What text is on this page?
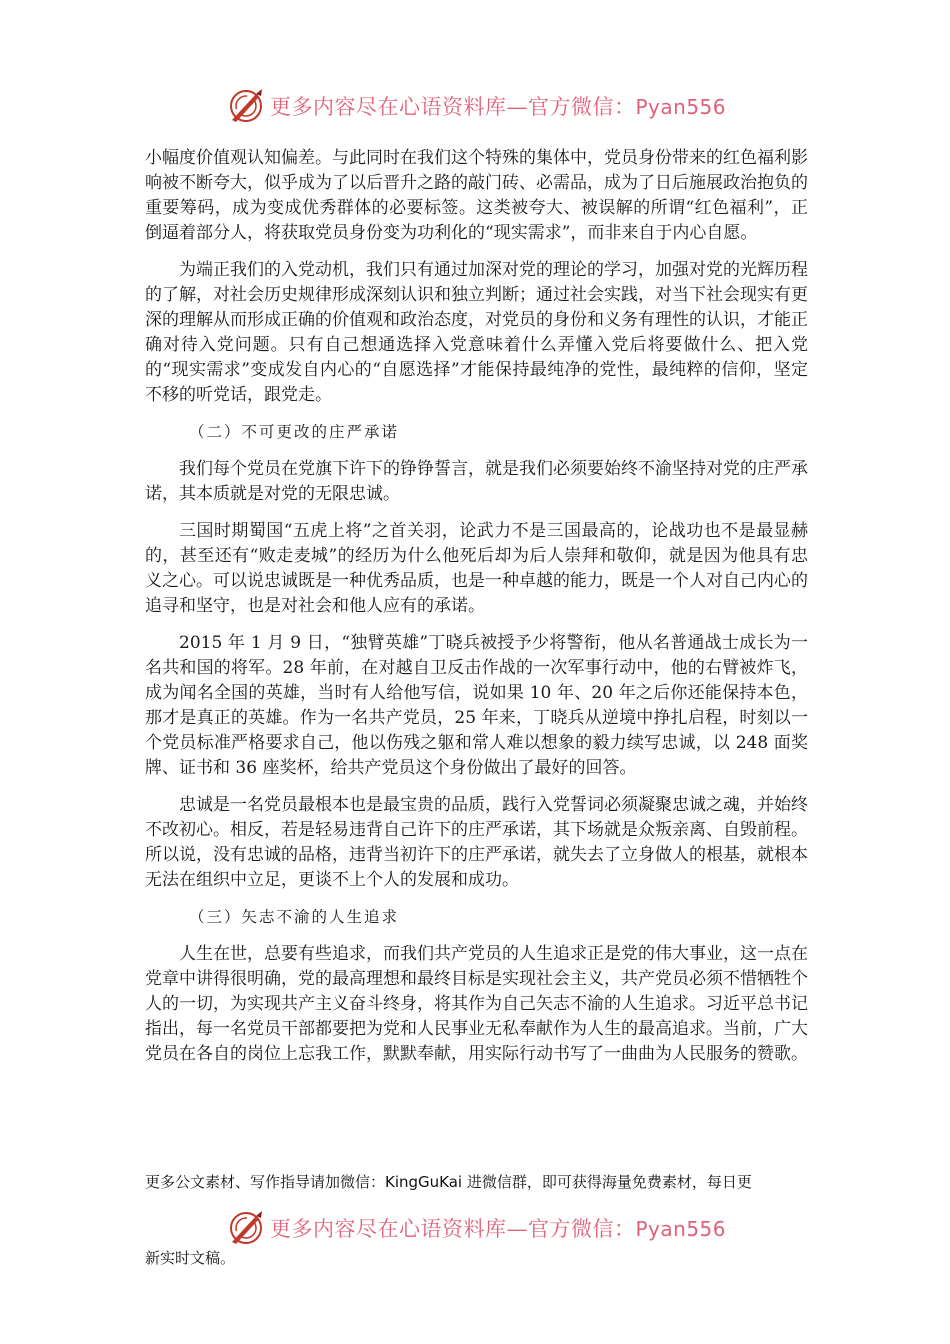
更多内容尽在心语资料库—官方微信：Pyan556

小幅度价值观认知偏差。与此同时在我们这个特殊的集体中，党员身份带来的红色福利影响被不断夸大，似乎成为了以后晋升之路的敲门砖、必需品，成为了日后施展政治抱负的重要筹码，成为变成优秀群体的必要标签。这类被夸大、被误解的所谓“红色福利”，正倒逼着部分人，将获取党员身份变为功利化的“现实需求”，而非来自于内心自愿。

为端正我们的入党动机，我们只有通过加深对党的理论的学习，加强对党的光辉历程的了解，对社会历史规律形成深刻认识和独立判断；通过社会实践，对当下社会现实有更深的理解从而形成正确的价值观和政治态度，对党员的身份和义务有理性的认识，才能正确对待入党问题。只有自己想通选择入党意味着什么弄懂入党后将要做什么、把入党的“现实需求”变成发自内心的“自愿选择”才能保持最纯净的党性，最纯粹的信仰，坚定不移的听党话，跟党走。

（二）不可更改的庄严承诺

我们每个党员在党旗下许下的铮铮誓言，就是我们必须要始终不渝坚持对党的庄严承诺，其本质就是对党的无限忠诚。

三国时期蜀国“五虎上将”之首关羽，论武力不是三国最高的，论战功也不是最显赫的，甚至还有“败走麦城”的经历为什么他死后却为后人崇拜和敬仰，就是因为他具有忠义之心。可以说忠诚既是一种优秀品质，也是一种卓越的能力，既是一个人对自己内心的追寻和坚守，也是对社会和他人应有的承诺。

2015 年 1 月 9 日，“独臂英雄”丁晓兵被授予少将警衔，他从名普通战士成长为一名共和国的将军。28 年前，在对越自卫反击作战的一次军事行动中，他的右臂被炸飞，成为闻名全国的英雄，当时有人给他写信，说如果 10 年、20 年之后你还能保持本色，那才是真正的英雄。作为一名共产党员，25 年来，丁晓兵从逆境中挣扎启程，时刻以一个党员标准严格要求自己，他以伤残之躯和常人难以想象的毅力续写忠诚，以 248 面奖牌、证书和 36 座奖杯，给共产党员这个身份做出了最好的回答。

忠诚是一名党员最根本也是最宝贵的品质，践行入党誓词必须凝聚忠诚之魂，并始终不改初心。相反，若是轻易违背自己许下的庄严承诺，其下场就是众叛亲离、自毁前程。所以说，没有忠诚的品格，违背当初许下的庄严承诺，就失去了立身做人的根基，就根本无法在组织中立足，更谈不上个人的发展和成功。

（三）矢志不渝的人生追求

人生在世，总要有些追求，而我们共产党员的人生追求正是党的伟大事业，这一点在党章中讲得很明确，党的最高理想和最终目标是实现社会主义，共产党员必须不惜牺牲个人的一切，为实现共产主义奋斗终身，将其作为自己矢志不渝的人生追求。习近平总书记指出，每一名党员干部都要把为党和人民事业无私奉献作为人生的最高追求。当前，广大党员在各自的岗位上忘我工作，默默奉献，用实际行动书写了一曲曲为人民服务的赞歌。

更多公文素材、写作指导请加微信：KingGuKai 进微信群，即可获得海量免费素材，每日更
更多内容尽在心语资料库—官方微信：Pyan556
新实时文稿。
